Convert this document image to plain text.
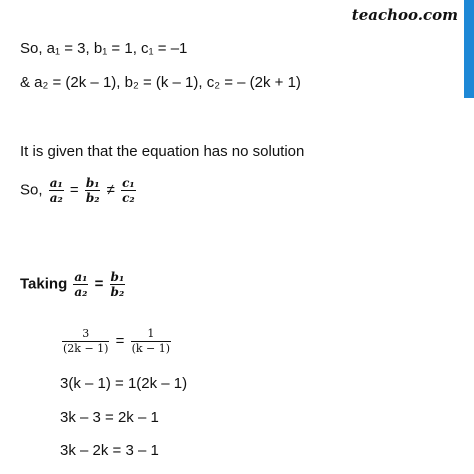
teachoo.com
So, a₁ = 3, b₁ = 1, c₁ = –1
& a₂ = (2k – 1), b₂ = (k – 1), c₂ = – (2k + 1)
It is given that the equation has no solution
So, $\frac{\text{a₁}}{\text{a₂}} = \frac{\text{b₁}}{\text{b₂}} \ne \frac{\text{c₁}}{\text{c₂}}$
Taking $\frac{\text{a₁}}{\text{a₂}} = \frac{\text{b₁}}{\text{b₂}}$
$\frac{3}{(2k - 1)} = \frac{1}{(k - 1)}$
3(k – 1) = 1(2k – 1)
3k – 3 = 2k – 1
3k – 2k = 3 – 1
